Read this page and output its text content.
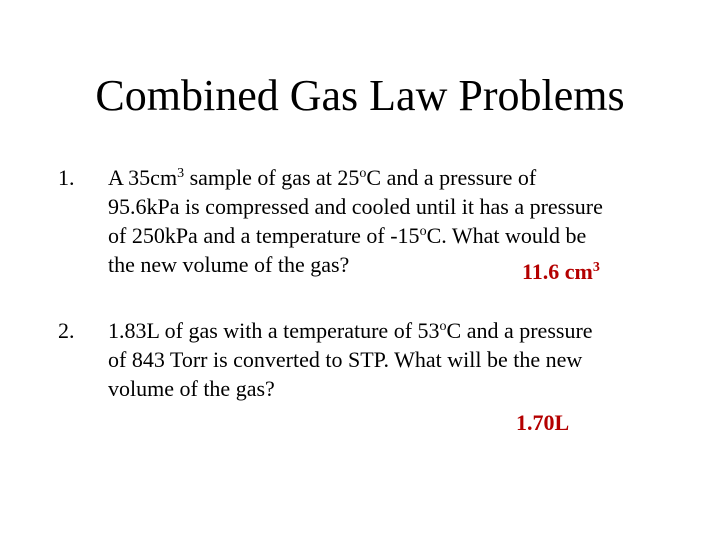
Combined Gas Law Problems
1. A $35cm^3$ sample of gas at 25$^o$C and a pressure of
95.6kPa is compressed and cooled until it has a pressure
of 250kPa and a temperature of -15$^o$C. What would be
the new volume of the gas?	11.6 $cm^3$
2. 1.83L of gas with a temperature of 53$^o$C and a pressure
of 843 Torr is converted to STP. What will be the new
volume of the gas?
1.70L
